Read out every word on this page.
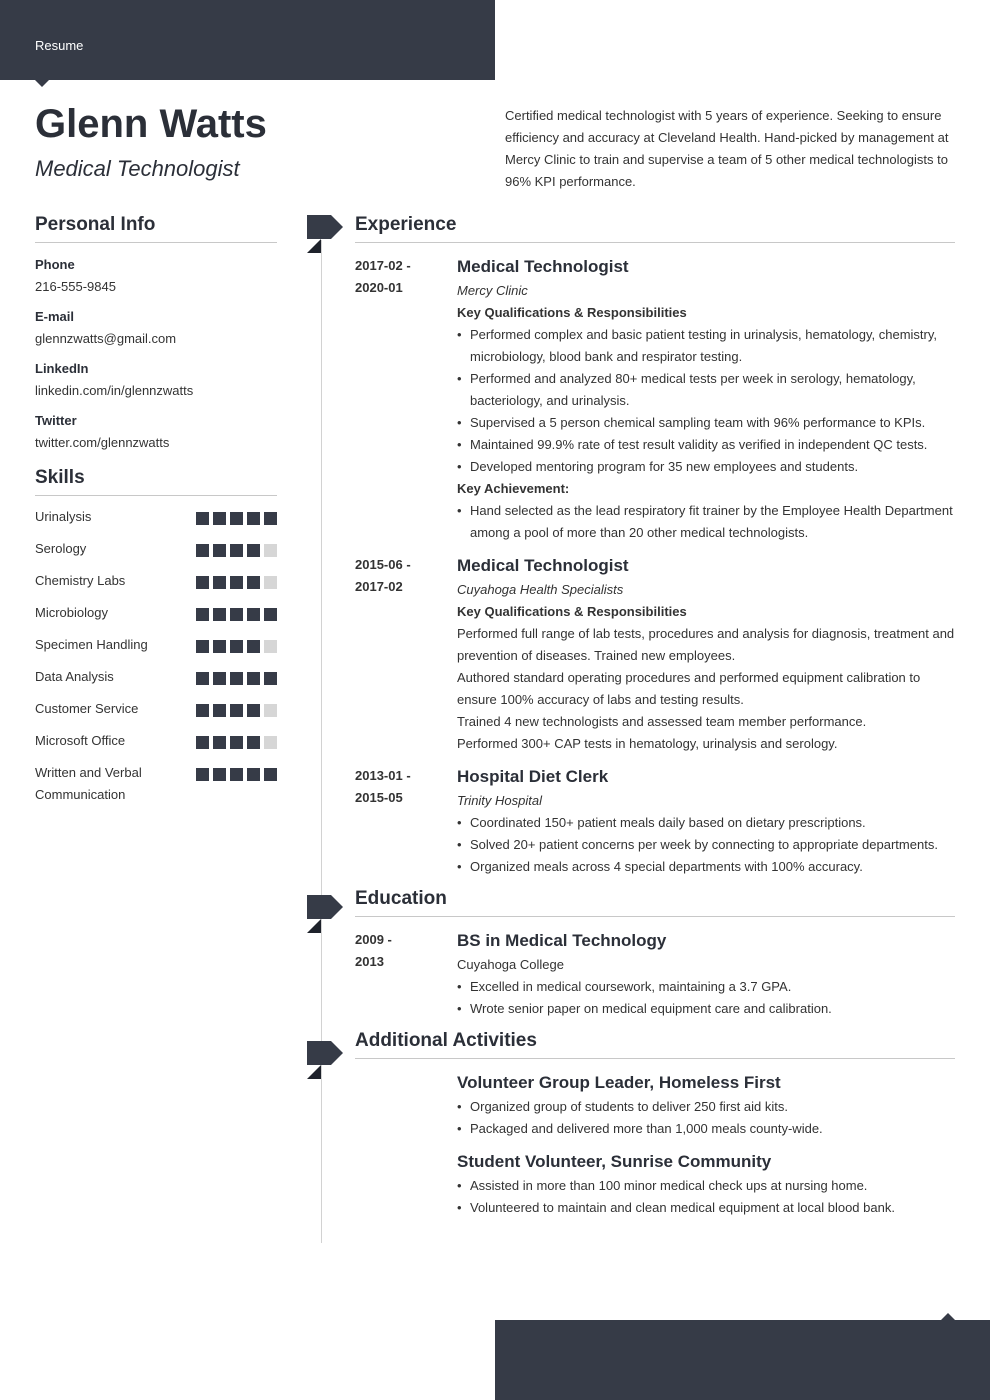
Resume
Glenn Watts
Medical Technologist
Certified medical technologist with 5 years of experience. Seeking to ensure efficiency and accuracy at Cleveland Health. Hand-picked by management at Mercy Clinic to train and supervise a team of 5 other medical technologists to 96% KPI performance.
Personal Info
Phone
216-555-9845
E-mail
glennzwatts@gmail.com
LinkedIn
linkedin.com/in/glennzwatts
Twitter
twitter.com/glennzwatts
Skills
Urinalysis
Serology
Chemistry Labs
Microbiology
Specimen Handling
Data Analysis
Customer Service
Microsoft Office
Written and Verbal Communication
Experience
2017-02 -
2020-01
Medical Technologist
Mercy Clinic
Key Qualifications & Responsibilities
• Performed complex and basic patient testing in urinalysis, hematology, chemistry, microbiology, blood bank and respirator testing.
• Performed and analyzed 80+ medical tests per week in serology, hematology, bacteriology, and urinalysis.
• Supervised a 5 person chemical sampling team with 96% performance to KPIs.
• Maintained 99.9% rate of test result validity as verified in independent QC tests.
• Developed mentoring program for 35 new employees and students.
Key Achievement:
• Hand selected as the lead respiratory fit trainer by the Employee Health Department among a pool of more than 20 other medical technologists.
2015-06 -
2017-02
Medical Technologist
Cuyahoga Health Specialists
Key Qualifications & Responsibilities

Performed full range of lab tests, procedures and analysis for diagnosis, treatment and prevention of diseases. Trained new employees.

Authored standard operating procedures and performed equipment calibration to ensure 100% accuracy of labs and testing results.

Trained 4 new technologists and assessed team member performance.

Performed 300+ CAP tests in hematology, urinalysis and serology.

2013-01 -
2015-05
Hospital Diet Clerk
Trinity Hospital
• Coordinated 150+ patient meals daily based on dietary prescriptions.
• Solved 20+ patient concerns per week by connecting to appropriate departments.
• Organized meals across 4 special departments with 100% accuracy.
Education
2009 -
2013
BS in Medical Technology
Cuyahoga College
• Excelled in medical coursework, maintaining a 3.7 GPA.
• Wrote senior paper on medical equipment care and calibration.
Additional Activities
Volunteer Group Leader, Homeless First
• Organized group of students to deliver 250 first aid kits.
• Packaged and delivered more than 1,000 meals county-wide.
Student Volunteer, Sunrise Community
• Assisted in more than 100 minor medical check ups at nursing home.
• Volunteered to maintain and clean medical equipment at local blood bank.
